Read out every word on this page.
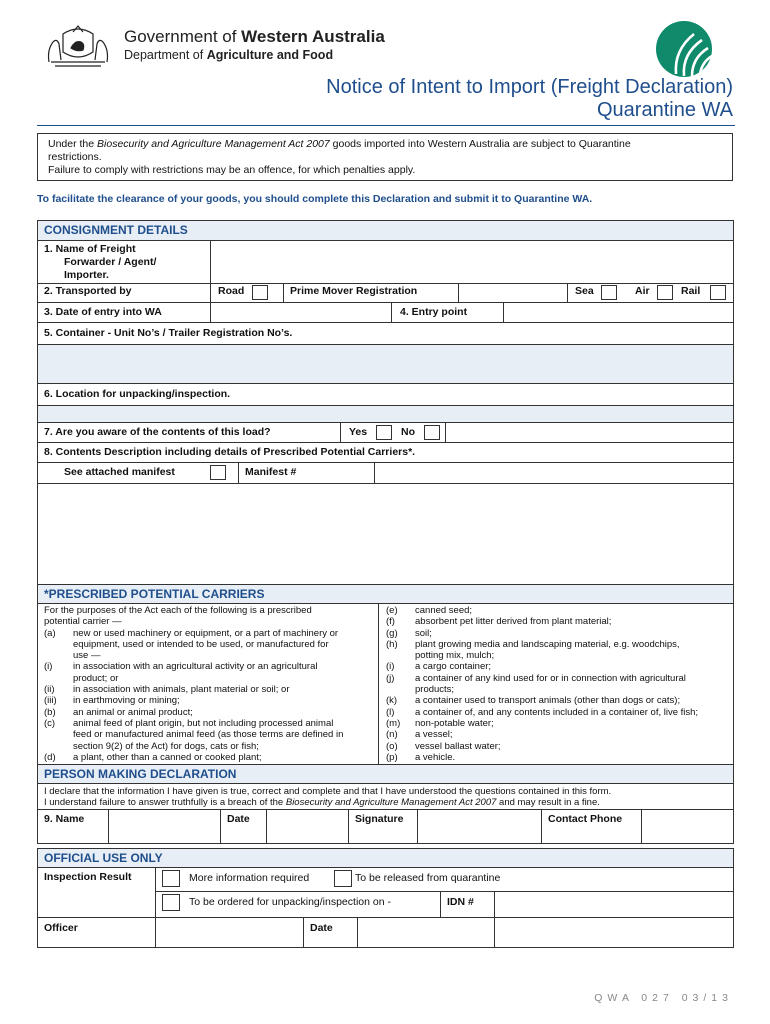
Government of Western Australia
Department of Agriculture and Food
Notice of Intent to Import (Freight Declaration)
Quarantine WA
Under the Biosecurity and Agriculture Management Act 2007 goods imported into Western Australia are subject to Quarantine
restrictions.
Failure to comply with restrictions may be an offence, for which penalties apply.
To facilitate the clearance of your goods, you should complete this Declaration and submit it to Quarantine WA.
CONSIGNMENT DETAILS
1. Name of Freight
Forwarder / Agent/
Importer.
2. Transported by	Road	Prime Mover Registration	Sea	Air	Rail
3. Date of entry into WA	4. Entry point
5. Container - Unit No’s / Trailer Registration No’s.
6. Location for unpacking/inspection.
7. Are you aware of the contents of this load?	Yes	No
8. Contents Description including details of Prescribed Potential Carriers*.
See attached manifest	Manifest #
*PRESCRIBED POTENTIAL CARRIERS
For the purposes of the Act each of the following is a prescribed
potential carrier —
(a)	new or used machinery or equipment, or a part of machinery or
equipment, used or intended to be used, or manufactured for
use —
(i)	in association with an agricultural activity or an agricultural
product; or
(ii)	in association with animals, plant material or soil; or
(iii)	in earthmoving or mining;
(b)	an animal or animal product;
(c)	animal feed of plant origin, but not including processed animal
feed or manufactured animal feed (as those terms are defined in
section 9(2) of the Act) for dogs, cats or fish;
(d)	a plant, other than a canned or cooked plant;
(e)	canned seed;
(f)	absorbent pet litter derived from plant material;
(g)	soil;
(h)	plant growing media and landscaping material, e.g. woodchips,
potting mix, mulch;
(i)	a cargo container;
(j)	a container of any kind used for or in connection with agricultural
products;
(k)	a container used to transport animals (other than dogs or cats);
(l)	a container of, and any contents included in a container of, live fish;
(m)	non-potable water;
(n)	a vessel;
(o)	vessel ballast water;
(p)	a vehicle.
PERSON MAKING DECLARATION
I declare that the information I have given is true, correct and complete and that I have understood the questions contained in this form.
I understand failure to answer truthfully is a breach of the Biosecurity and Agriculture Management Act 2007 and may result in a fine.
9. Name	Date	Signature	Contact Phone
OFFICIAL USE ONLY
Inspection Result	More information required	To be released from quarantine
To be ordered for unpacking/inspection on -	IDN #
Officer	Date
QWA 027 03/13
